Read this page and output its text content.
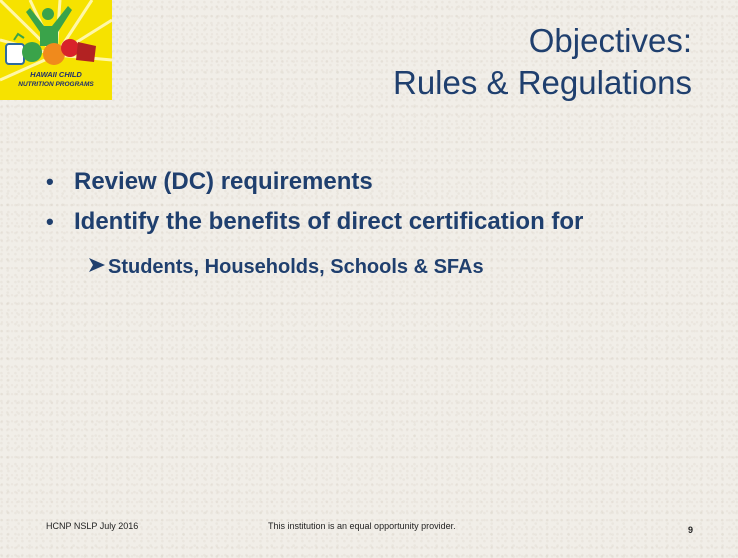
HAWAII CHILD
NUTRITION PROGRAMS
Objectives:
Rules & Regulations
• Review (DC) requirements
• Identify the benefits of direct certification for
Students, Households, Schools & SFAs
HCNP NSLP July 2016	This institution is an equal opportunity provider.	9
